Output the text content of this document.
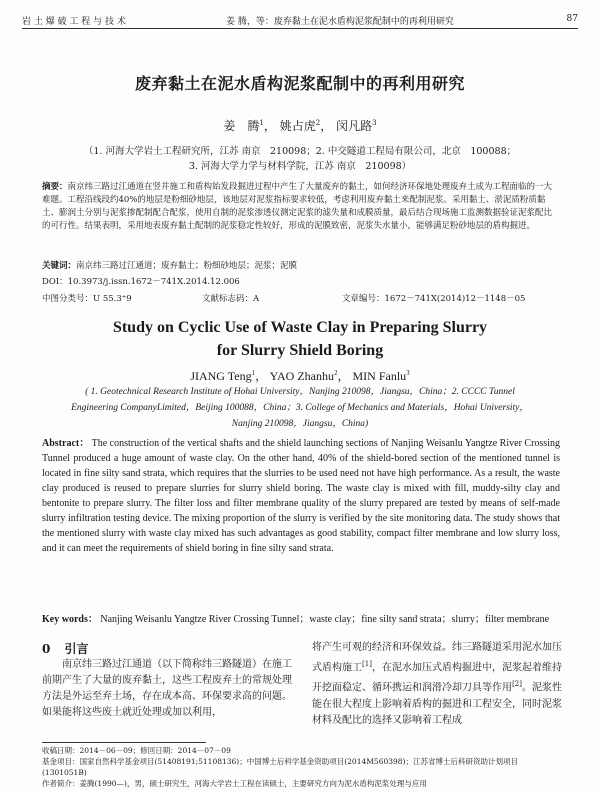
岩 土 爆 破 工 程 与 技 术	姜 腾，等：废弃黏土在泥水盾构泥浆配制中的再利用研究	87
废弃黏土在泥水盾构泥浆配制中的再利用研究
姜　腾$^1$， 姚占虎$^2$， 闵凡路$^3$
（1. 河海大学岩土工程研究所，江苏 南京　210098；2. 中交隧道工程局有限公司，北京　100088；
3. 河海大学力学与材料学院，江苏 南京　210098）
摘要：南京纬三路过江通道在竖井施工和盾构始发段掘进过程中产生了大量废弃的黏土，如何经济环保地处理废弃土成为工程面临的一大难题。工程沿线段约40%的地层是粉细砂地层，该地层对泥浆指标要求较低，考虑利用废弃黏土来配制泥浆。采用黏土、淤泥质粉质黏土、膨润土分别与泥浆掺配制配合配浆，使用自制的泥浆渗透仪测定泥浆的滤失量和成膜质量，最后结合现场施工监测数据验证泥浆配比的可行性。结果表明，采用地表废弃黏土配制的泥浆稳定性较好，形成的泥膜致密，泥浆失水量小，能够满足粉砂地层的盾构掘进。
关键词：南京纬三路过江通道；废弃黏土；粉细砂地层；泥浆；泥膜
DOI：10.3973/j.issn.1672－741X.2014.12.006
中图分类号：U 55.3⁺9	文献标志码：A	文章编号：1672－741X(2014)12－1148－05
Study on Cyclic Use of Waste Clay in Preparing Slurry
for Slurry Shield Boring
JIANG Teng$^1$， YAO Zhanhu$^2$， MIN Fanlu$^3$
( 1. Geotechnical Research Institute of Hohai University，Nanjing 210098，Jiangsu，China；2. CCCC Tunnel Engineering CompanyLimited，Beijing 100088，China；3. College of Mechanics and Materials，Hohai University，Nanjing 210098，Jiangsu，China)
Abstract： The construction of the vertical shafts and the shield launching sections of Nanjing Weisanlu Yangtze River Crossing Tunnel produced a huge amount of waste clay. On the other hand, 40% of the shield-bored section of the mentioned tunnel is located in fine silty sand strata, which requires that the slurries to be used need not have high performance. As a result, the waste clay produced is reused to prepare slurries for slurry shield boring. The waste clay is mixed with fill, muddy-silty clay and bentonite to prepare slurry. The filter loss and filter membrane quality of the slurry prepared are tested by means of self-made slurry infiltration testing device. The mixing proportion of the slurry is verified by the site monitoring data. The study shows that the mentioned slurry with waste clay mixed has such advantages as good stability, compact filter membrane and low slurry loss, and it can meet the requirements of shield boring in fine silty sand strata.
Key words： Nanjing Weisanlu Yangtze River Crossing Tunnel；waste clay；fine silty sand strata；slurry；filter membrane
0 引言
南京纬三路过江通道（以下简称纬三路隧道）在施工前期产生了大量的废弃黏土，这些工程废弃土的常规处理方法是外运至弃土场，存在成本高、环保要求高的问题。如果能将这些废土就近处理或加以利用，
将产生可观的经济和环保效益。纬三路隧道采用泥水加压式盾构施工[1]，在泥水加压式盾构掘进中，泥浆起着维持开挖面稳定、循环携运和润滑冷却刀具等作用[2]。泥浆性能在很大程度上影响着盾构的掘进和工程安全，同时泥浆材料及配比的选择又影响着工程成
收稿日期：2014－06－09；修回日期：2014－07－09
基金项目：国家自然科学基金项目(51408191;51108136)；中国博士后科学基金资助项目(2014M560398)；江苏省博士后科研资助计划项目(1301051B)
作者简介：姜腾(1990—)，男，硕士研究生，河海大学岩土工程在读硕士，主要研究方向为泥水盾构泥浆处理与应用
